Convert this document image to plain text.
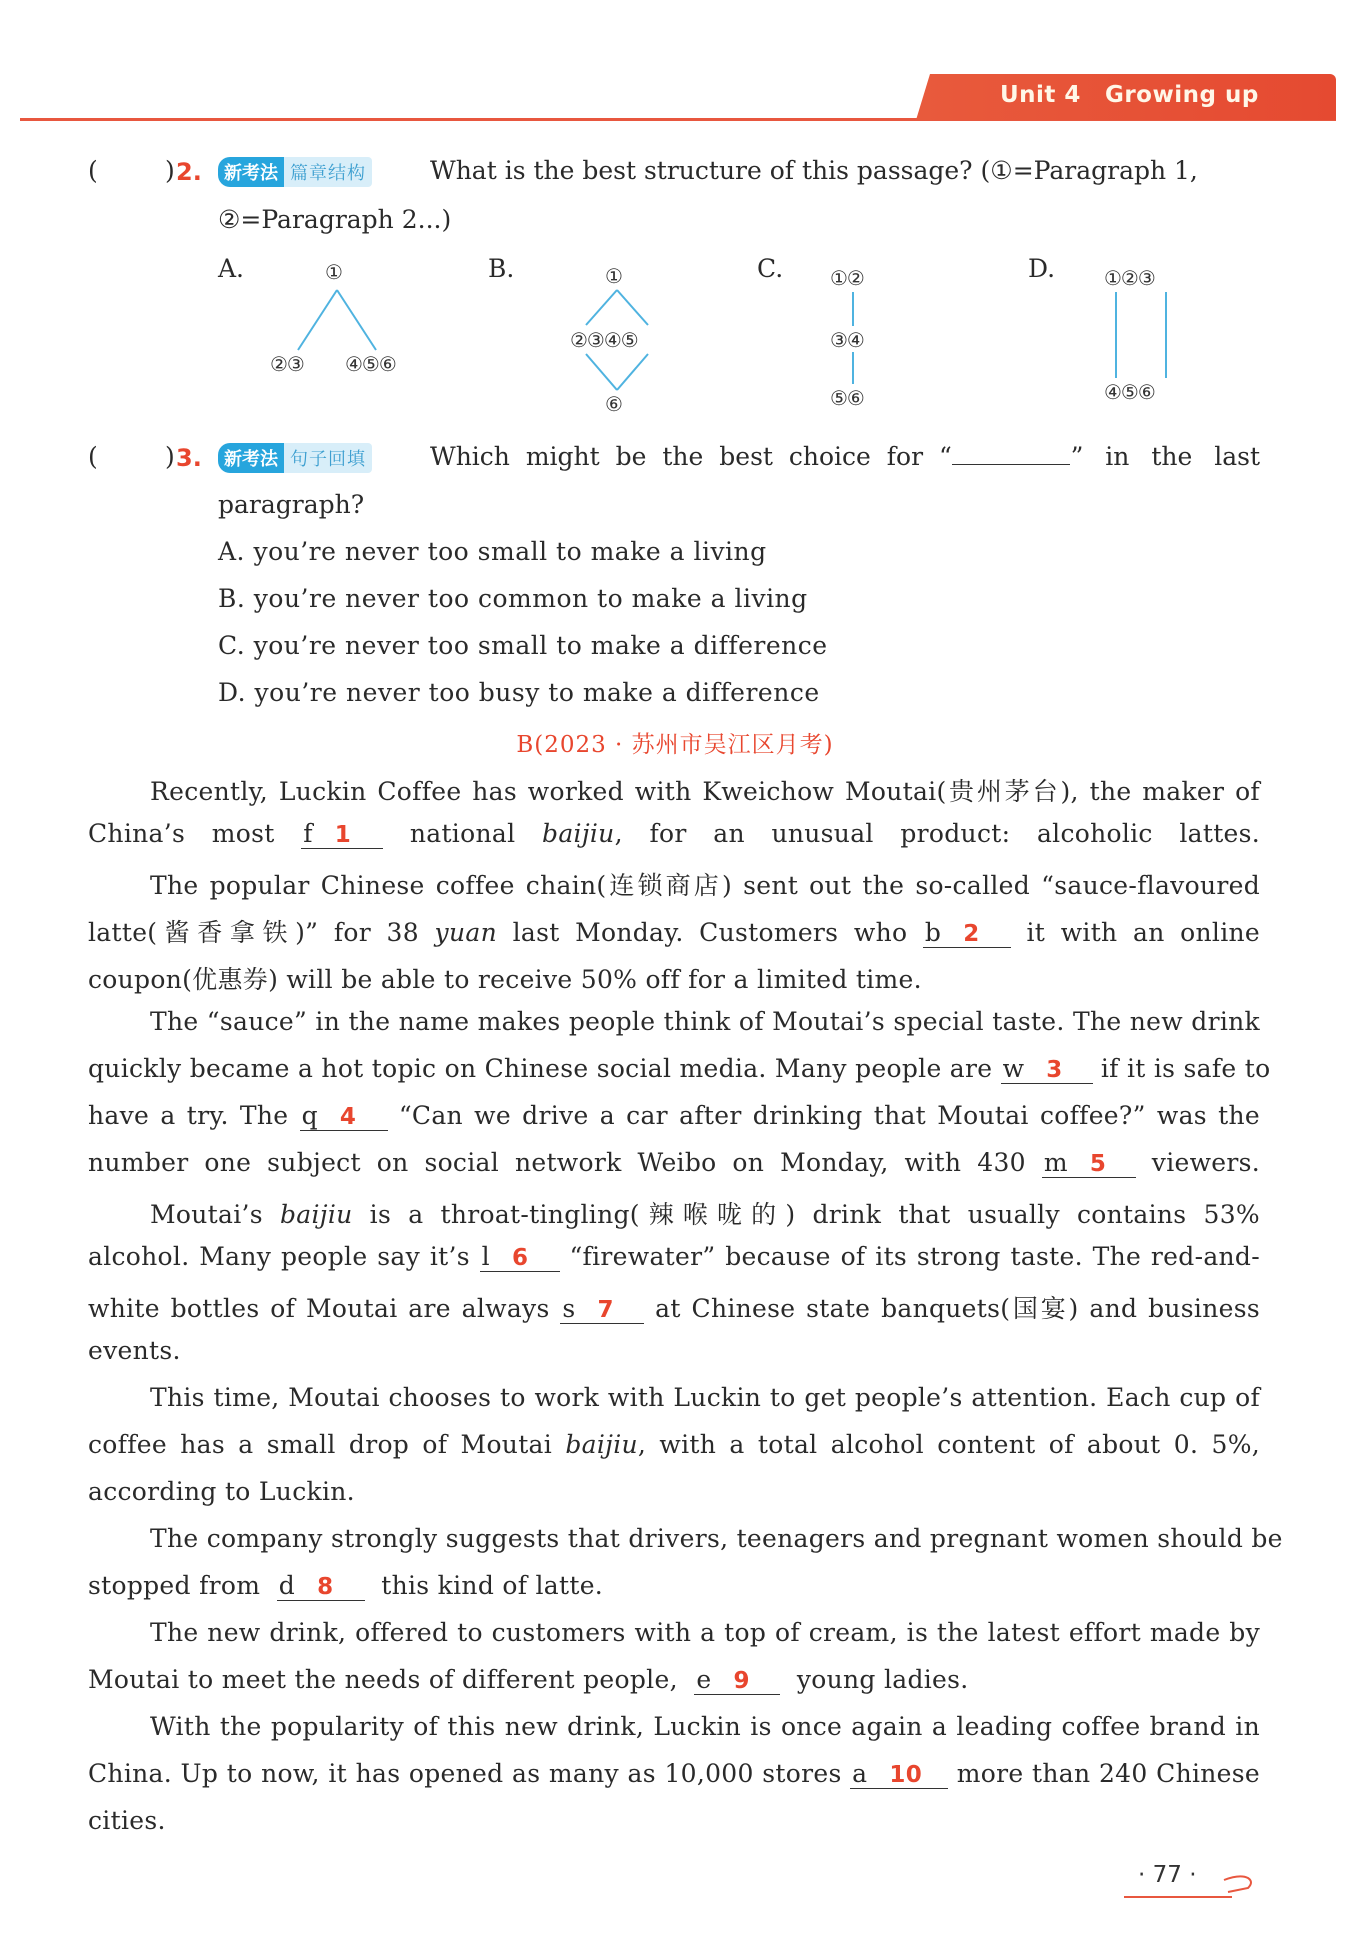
Unit 4 Growing up
(	) 2.	新考法 篇章结构	What is the best structure of this passage? (①=Paragraph 1,
②=Paragraph 2...)
A.	①
②③ ④⑤⑥
B.	①
②③④⑤
⑥
C. ①②
③④
⑤⑥
D. ①②③
④⑤⑥
(	) 3.	新考法 句子回填	Which might be the best choice for “	” in the last
paragraph?
A. you’re never too small to make a living
B. you’re never too common to make a living
C. you’re never too small to make a difference
D. you’re never too busy to make a difference
B(2023 · 苏州市吴江区月考)
Recently, Luckin Coffee has worked with Kweichow Moutai(贵州茅台), the maker of
China’s most f 1 national baijiu, for an unusual product: alcoholic lattes.
The popular Chinese coffee chain(连锁商店) sent out the so-called “sauce-flavoured
latte(酱香拿铁)” for 38 yuan last Monday. Customers who b 2 it with an online
coupon(优惠券) will be able to receive 50% off for a limited time.
The “sauce” in the name makes people think of Moutai’s special taste. The new drink
quickly became a hot topic on Chinese social media. Many people are w 3 if it is safe to
have a try. The q 4 “Can we drive a car after drinking that Moutai coffee?” was the
number one subject on social network Weibo on Monday, with 430 m 5 viewers.
Moutai’s baijiu is a throat-tingling(辣喉咙的) drink that usually contains 53%
alcohol. Many people say it’s l 6 “firewater” because of its strong taste. The red-and-
white bottles of Moutai are always s 7 at Chinese state banquets(国宴) and business
events.
This time, Moutai chooses to work with Luckin to get people’s attention. Each cup of
coffee has a small drop of Moutai baijiu, with a total alcohol content of about 0. 5%,
according to Luckin.
The company strongly suggests that drivers, teenagers and pregnant women should be
stopped from d 8 this kind of latte.
The new drink, offered to customers with a top of cream, is the latest effort made by
Moutai to meet the needs of different people, e 9 young ladies.
With the popularity of this new drink, Luckin is once again a leading coffee brand in
China. Up to now, it has opened as many as 10,000 stores a 10 more than 240 Chinese
cities.
· 77 ·
